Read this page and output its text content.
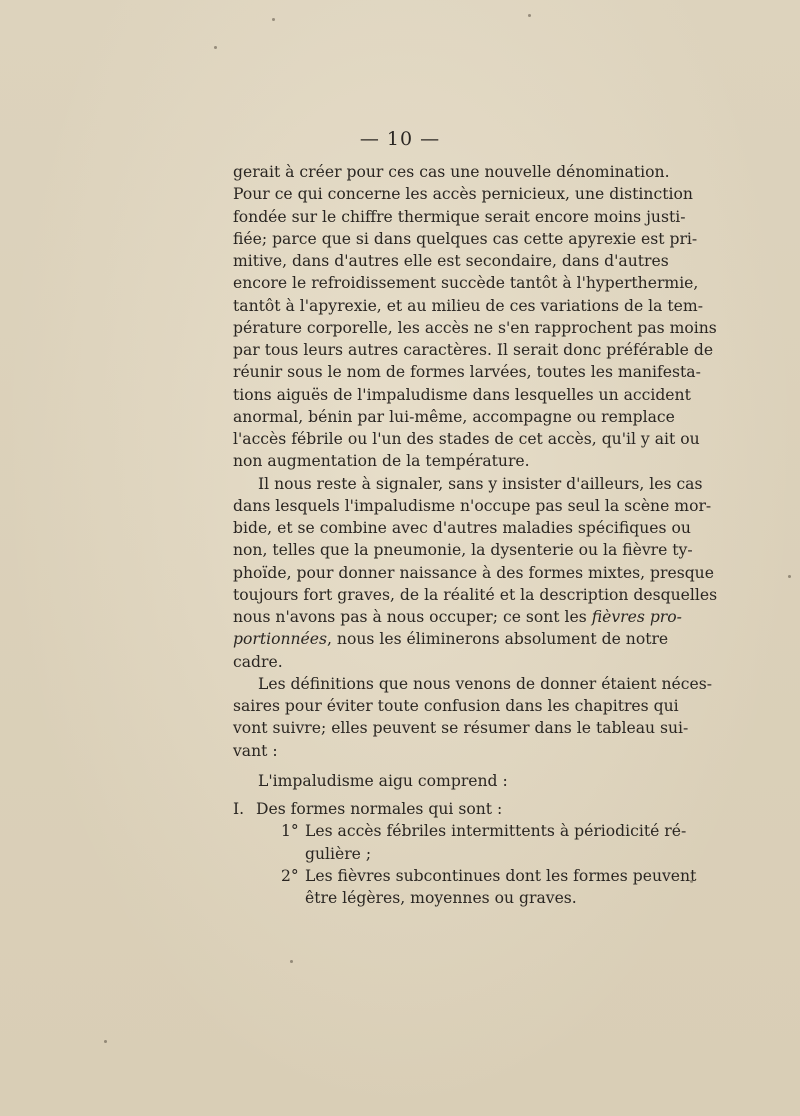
— 10 —

gerait à créer pour ces cas une nouvelle dénomination.
Pour ce qui concerne les accès pernicieux, une distinction
fondée sur le chiffre thermique serait encore moins justi-
fiée; parce que si dans quelques cas cette apyrexie est pri-
mitive, dans d'autres elle est secondaire, dans d'autres
encore le refroidissement succède tantôt à l'hyperthermie,
tantôt à l'apyrexie, et au milieu de ces variations de la tem-
pérature corporelle, les accès ne s'en rapprochent pas moins
par tous leurs autres caractères. Il serait donc préférable de
réunir sous le nom de formes larvées, toutes les manifesta-
tions aiguës de l'impaludisme dans lesquelles un accident
anormal, bénin par lui-même, accompagne ou remplace
l'accès fébrile ou l'un des stades de cet accès, qu'il y ait ou
non augmentation de la température.

Il nous reste à signaler, sans y insister d'ailleurs, les cas
dans lesquels l'impaludisme n'occupe pas seul la scène mor-
bide, et se combine avec d'autres maladies spécifiques ou
non, telles que la pneumonie, la dysenterie ou la fièvre ty-
phoïde, pour donner naissance à des formes mixtes, presque
toujours fort graves, de la réalité et la description desquelles
nous n'avons pas à nous occuper; ce sont les fièvres pro-
portionnées, nous les éliminerons absolument de notre
cadre.

Les définitions que nous venons de donner étaient néces-
saires pour éviter toute confusion dans les chapitres qui
vont suivre; elles peuvent se résumer dans le tableau sui-
vant :

L'impaludisme aigu comprend :
I. Des formes normales qui sont :
1° Les accès fébriles intermittents à périodicité ré-
gulière ;
2° Les fièvres subcontinues dont les formes peuvent
être légères, moyennes ou graves.
